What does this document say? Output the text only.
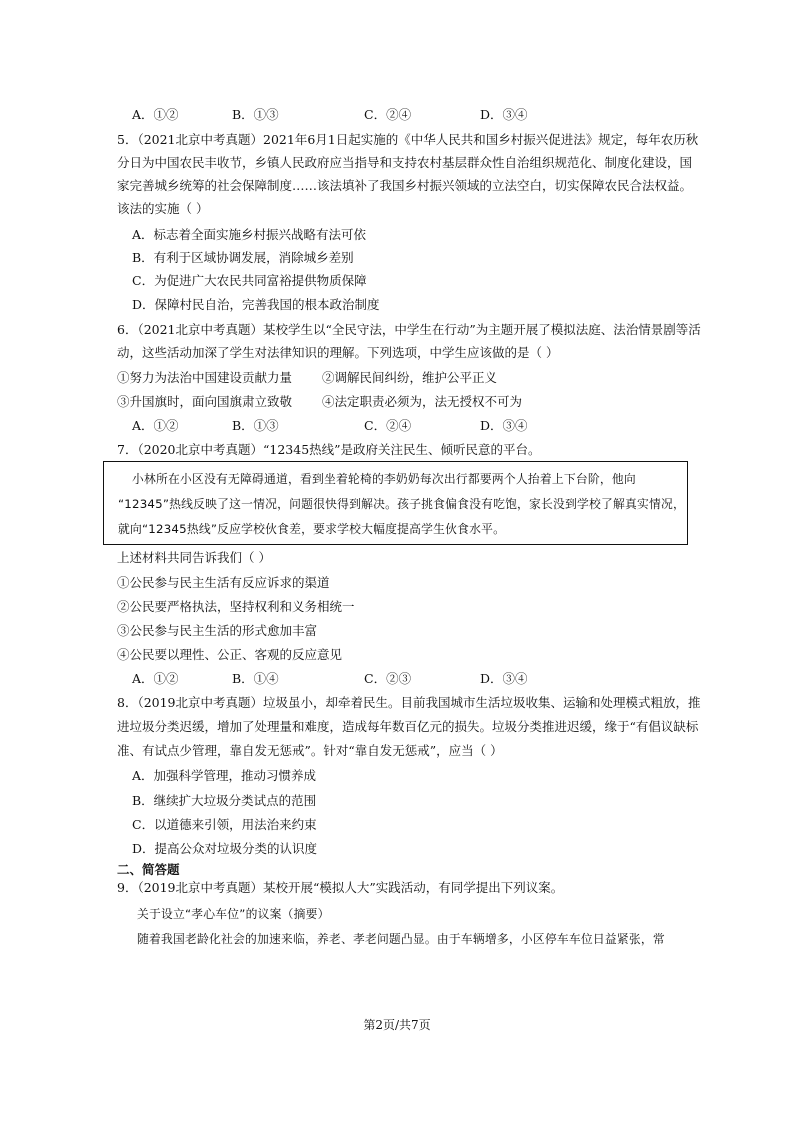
A．①②	B．①③	C．②④	D．③④
5．（2021北京中考真题）2021年6月1日起实施的《中华人民共和国乡村振兴促进法》规定，每年农历秋
分日为中国农民丰收节，乡镇人民政府应当指导和支持农村基层群众性自治组织规范化、制度化建设，国
家完善城乡统筹的社会保障制度……该法填补了我国乡村振兴领域的立法空白，切实保障农民合法权益。
该法的实施（ ）
A．标志着全面实施乡村振兴战略有法可依
B．有利于区域协调发展，消除城乡差别
C．为促进广大农民共同富裕提供物质保障
D．保障村民自治，完善我国的根本政治制度
6．（2021北京中考真题）某校学生以“全民守法，中学生在行动”为主题开展了模拟法庭、法治情景剧等活
动，这些活动加深了学生对法律知识的理解。下列选项，中学生应该做的是（ ）
①努力为法治中国建设贡献力量 ②调解民间纠纷，维护公平正义
③升国旗时，面向国旗肃立致敬 ④法定职责必须为，法无授权不可为
A．①②	B．①③	C．②④	D．③④
7．（2020北京中考真题）“12345热线”是政府关注民生、倾听民意的平台。
小林所在小区没有无障碍通道，看到坐着轮椅的李奶奶每次出行都要两个人抬着上下台阶，他向
“12345”热线反映了这一情况，问题很快得到解决。孩子挑食偏食没有吃饱，家长没到学校了解真实情况，
就向“12345热线”反应学校伙食差，要求学校大幅度提高学生伙食水平。
上述材料共同告诉我们（ ）
①公民参与民主生活有反应诉求的渠道
②公民要严格执法，坚持权利和义务相统一
③公民参与民主生活的形式愈加丰富
④公民要以理性、公正、客观的反应意见
A．①②	B．①④	C．②③	D．③④
8．（2019北京中考真题）垃圾虽小，却牵着民生。目前我国城市生活垃圾收集、运输和处理模式粗放，推
进垃圾分类迟缓，增加了处理量和难度，造成每年数百亿元的损失。垃圾分类推进迟缓，缘于“有倡议缺标
准、有试点少管理，靠自发无惩戒”。针对“靠自发无惩戒”，应当（ ）
A．加强科学管理，推动习惯养成
B．继续扩大垃圾分类试点的范围
C．以道德来引领，用法治来约束
D．提高公众对垃圾分类的认识度
二、简答题
9．（2019北京中考真题）某校开展“模拟人大”实践活动，有同学提出下列议案。
关于设立“孝心车位”的议案（摘要）
随着我国老龄化社会的加速来临，养老、孝老问题凸显。由于车辆增多，小区停车车位日益紧张，常
第2页/共7页
